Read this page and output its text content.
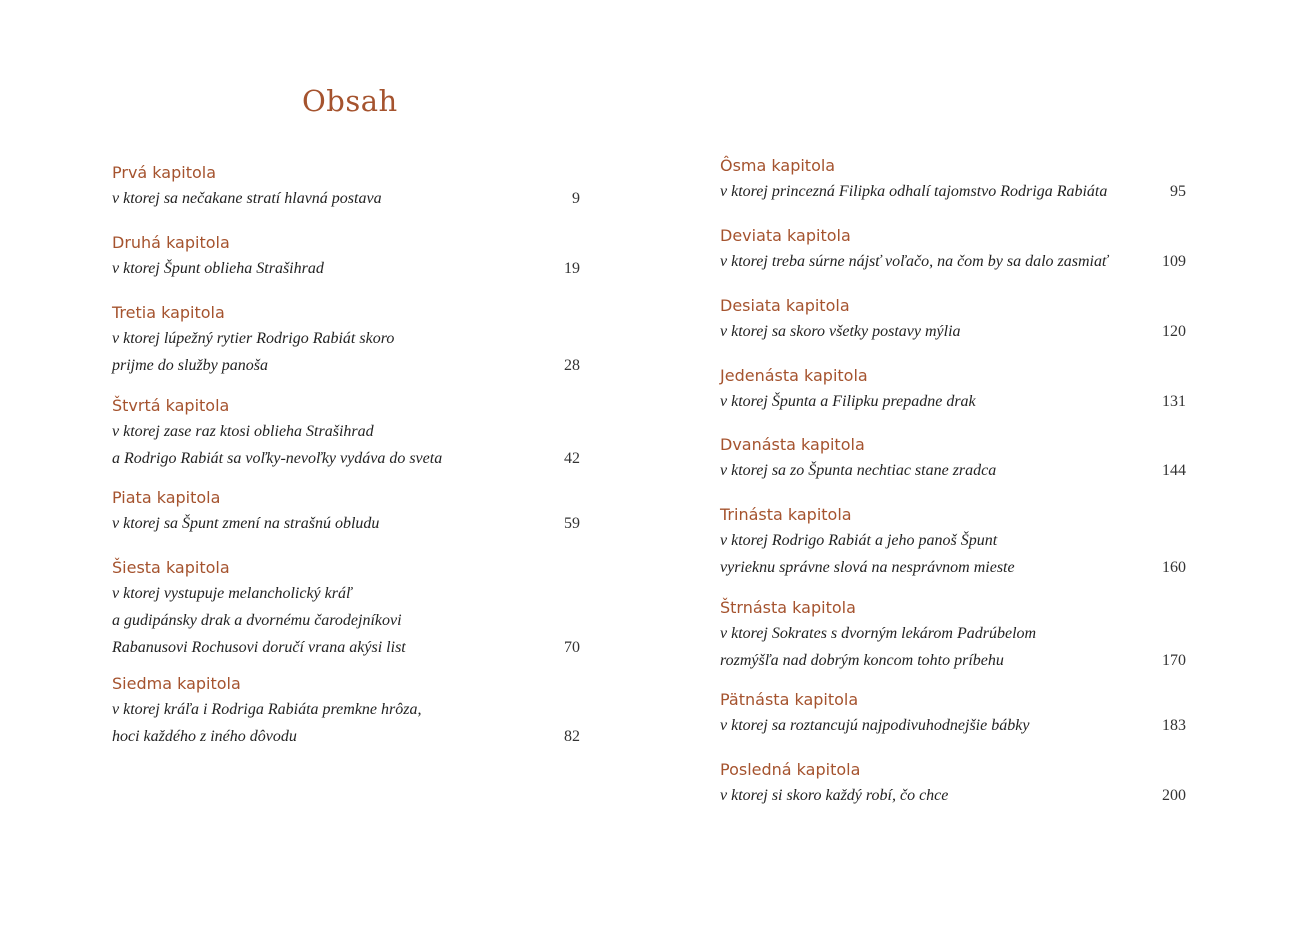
Obsah
Prvá kapitola
v ktorej sa nečakane stratí hlavná postava	9
Druhá kapitola
v ktorej Špunt oblieha Strašihrad	19
Tretia kapitola
v ktorej lúpežný rytier Rodrigo Rabiát skoro
prijme do služby panoša	28
Štvrtá kapitola
v ktorej zase raz ktosi oblieha Strašihrad
a Rodrigo Rabiát sa voľky-nevoľky vydáva do sveta	42
Piata kapitola
v ktorej sa Špunt zmení na strašnú obludu	59
Šiesta kapitola
v ktorej vystupuje melancholický kráľ
a gudipánsky drak a dvornému čarodejníkovi
Rabanusovi Rochusovi doručí vrana akýsi list	70
Siedma kapitola
v ktorej kráľa i Rodriga Rabiáta premkne hrôza,
hoci každého z iného dôvodu	82
Ôsma kapitola
v ktorej princezná Filipka odhalí tajomstvo Rodriga Rabiáta	95
Deviata kapitola
v ktorej treba súrne nájsť voľačo, na čom by sa dalo zasmiať	109
Desiata kapitola
v ktorej sa skoro všetky postavy mýlia	120
Jedenásta kapitola
v ktorej Špunta a Filipku prepadne drak	131
Dvanásta kapitola
v ktorej sa zo Špunta nechtiac stane zradca	144
Trinásta kapitola
v ktorej Rodrigo Rabiát a jeho panoš Špunt
vyrieknu správne slová na nesprávnom mieste	160
Štrnásta kapitola
v ktorej Sokrates s dvorným lekárom Padrúbelom
rozmýšľa nad dobrým koncom tohto príbehu	170
Pätnásta kapitola
v ktorej sa roztancujú najpodivuhodnejšie bábky	183
Posledná kapitola
v ktorej si skoro každý robí, čo chce	200
